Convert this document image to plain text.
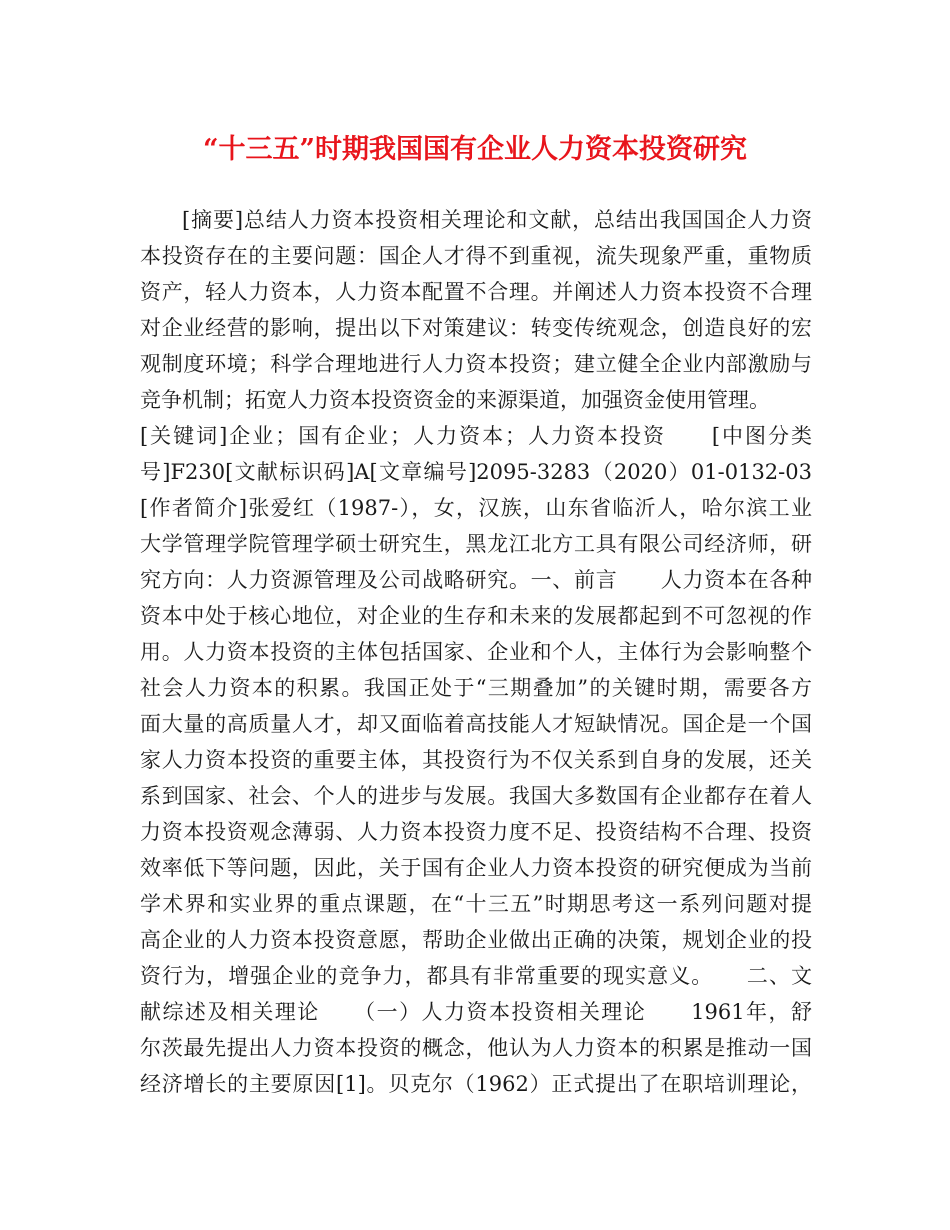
“十三五”时期我国国有企业人力资本投资研究
[摘要]总结人力资本投资相关理论和文献，总结出我国国企人力资
本投资存在的主要问题：国企人才得不到重视，流失现象严重，重物质
资产，轻人力资本，人力资本配置不合理。并阐述人力资本投资不合理
对企业经营的影响，提出以下对策建议：转变传统观念，创造良好的宏
观制度环境；科学合理地进行人力资本投资；建立健全企业内部激励与
竞争机制；拓宽人力资本投资资金的来源渠道，加强资金使用管理。
[关键词]企业；国有企业；人力资本；人力资本投资　　[中图分类
号]F230[文献标识码]A[文章编号]2095-3283（2020）01-0132-03
[作者简介]张爱红（1987-），女，汉族，山东省临沂人，哈尔滨工业
大学管理学院管理学硕士研究生，黑龙江北方工具有限公司经济师，研
究方向：人力资源管理及公司战略研究。一、前言　　人力资本在各种
资本中处于核心地位，对企业的生存和未来的发展都起到不可忽视的作
用。人力资本投资的主体包括国家、企业和个人，主体行为会影响整个
社会人力资本的积累。我国正处于“三期叠加”的关键时期，需要各方
面大量的高质量人才，却又面临着高技能人才短缺情况。国企是一个国
家人力资本投资的重要主体，其投资行为不仅关系到自身的发展，还关
系到国家、社会、个人的进步与发展。我国大多数国有企业都存在着人
力资本投资观念薄弱、人力资本投资力度不足、投资结构不合理、投资
效率低下等问题，因此，关于国有企业人力资本投资的研究便成为当前
学术界和实业界的重点课题，在“十三五”时期思考这一系列问题对提
高企业的人力资本投资意愿，帮助企业做出正确的决策，规划企业的投
资行为，增强企业的竞争力，都具有非常重要的现实意义。　　二、文
献综述及相关理论　　（一）人力资本投资相关理论　　1961年，舒
尔茨最先提出人力资本投资的概念，他认为人力资本的积累是推动一国
经济增长的主要原因[1]。贝克尔（1962）正式提出了在职培训理论，
